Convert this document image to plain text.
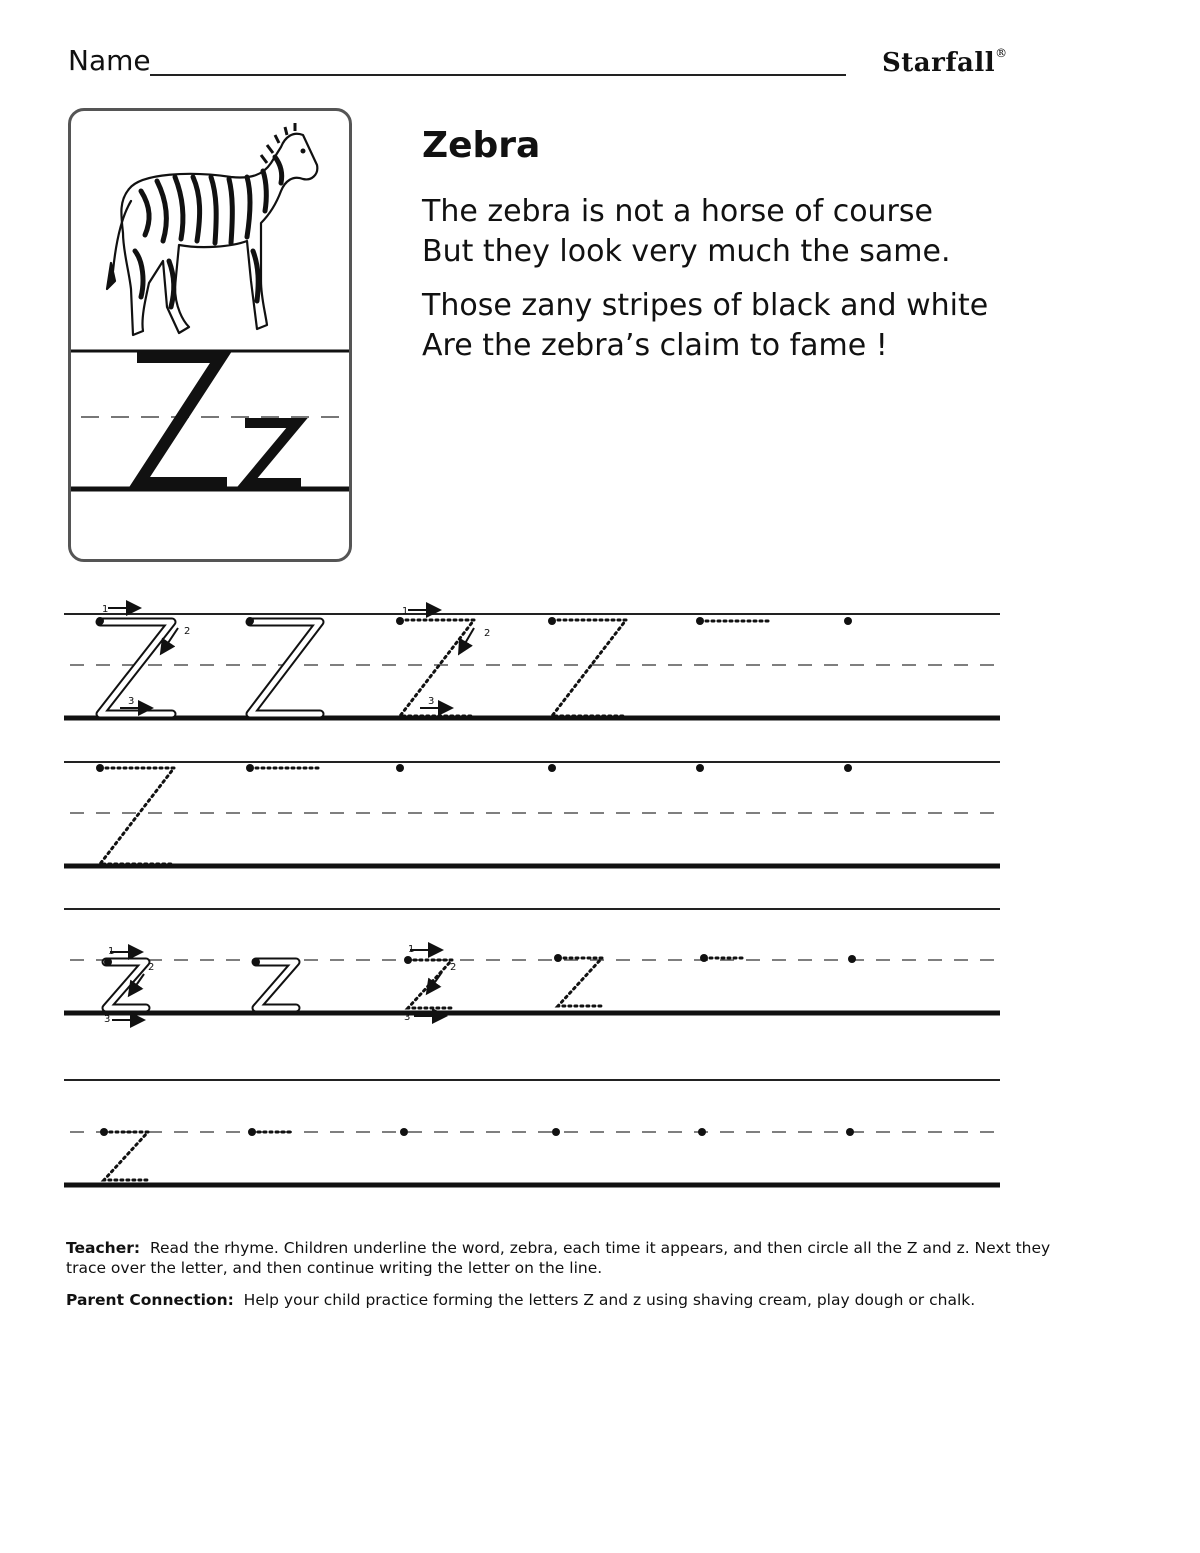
Name	Starfall®
Zebra

The zebra is not a horse of course
But they look very much the same.

Those zany stripes of black and white
Are the zebra’s claim to fame !

1
2
3
1
2
3
1
2
3
1
2
3

Teacher: Read the rhyme. Children underline the word, zebra, each time it appears, and then circle all the Z and z. Next they trace over the letter, and then continue writing the letter on the line.

Parent Connection: Help your child practice forming the letters Z and z using shaving cream, play dough or chalk.
